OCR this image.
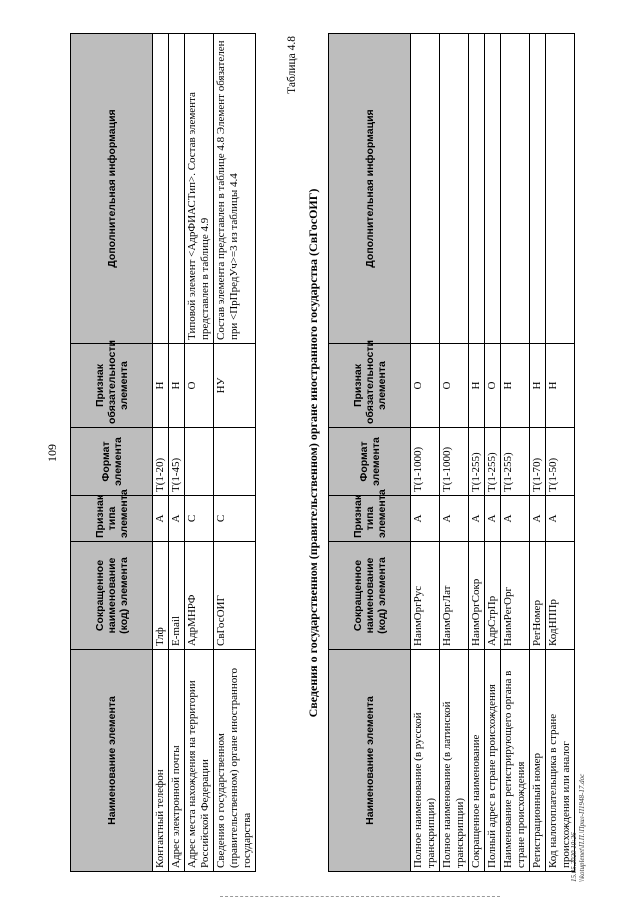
109
Наименование элемента	Сокращенное наименование (код) элемента	Признак типа элемента	Формат элемента	Признак обязательности элемента	Дополнительная информация
Контактный телефон	Тлф	А	Т(1-20)	Н	
Адрес электронной почты	E-mail	А	Т(1-45)	Н	
Адрес места нахождения на территории Российской Федерации	АдрМНРФ	С		О	Типовой элемент <АдрФИАСТип>. Состав элемента представлен в таблице 4.9
Сведения о государственном (правительственном) органе иностранного государства	СвГосОИГ	С		НУ	Состав элемента представлен в таблице 4.8 Элемент обязателен при <ПрПредУч>=3 из таблицы 4.4
Таблица 4.8
Сведения о государственном (правительственном) органе иностранного государства (СвГосОИГ)
Наименование элемента	Сокращенное наименование (код) элемента	Признак типа элемента	Формат элемента	Признак обязательности элемента	Дополнительная информация
Полное наименование (в русской транскрипции)	НаимОргРус	А	Т(1-1000)	О	
Полное наименование (в латинской транскрипции)	НаимОргЛат	А	Т(1-1000)	О	
Сокращенное наименование	НаимОргСокр	А	Т(1-255)	Н	
Полный адрес в стране происхождения	АдрСтрПр	А	Т(1-255)	О	
Наименование регистрирующего органа в стране происхождения	НаимРегОрг	А	Т(1-255)	Н	
Регистрационный номер	РегНомер	А	Т(1-70)	Н	
Код налогоплательщика в стране происхождения или аналог	КодНППр	А	Т(1-50)	Н	
15.05.2020 10:26 \\kotuplenet\П.П.\Прил-П1948-17.doc
